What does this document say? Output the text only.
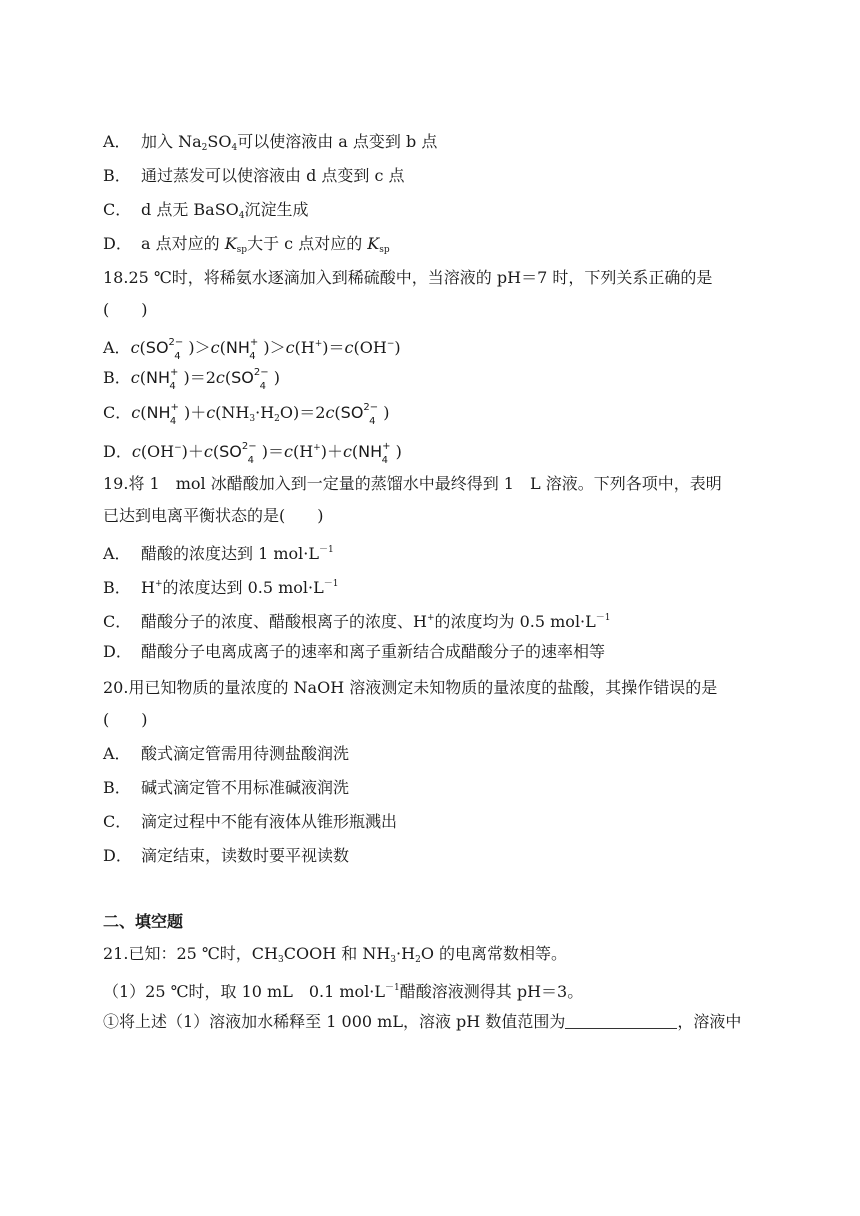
A． 加入 $Na_2SO_4$可以使溶液由 a 点变到 b 点
B． 通过蒸发可以使溶液由 d 点变到 c 点
C． d 点无 BaSO$_4$沉淀生成
D． a 点对应的 $K_{sp}$大于 c 点对应的 $K_{sp}$
18.25 ℃时，将稀氨水逐滴加入到稀硫酸中，当溶液的 pH＝7 时，下列关系正确的是
(　　)
A．$c(SO^{2-}$
4 )＞c(NH+
4 )＞c(H+)＝c(OH−)
B．c(NH+
4 )$=2c(SO^{2-}$
4 )
C．c(NH+
4 )$+c(NH_3\cdot H_2O)=2c(SO^{2-}$
4 )
D．$c(OH^-)+c(SO^{2-}$
4 )＝c(H+)＋c(NH+
4 )
19.将 1　mol 冰醋酸加入到一定量的蒸馏水中最终得到 1　L 溶液。下列各项中，表明
已达到电离平衡状态的是(　　)
A． 醋酸的浓度达到 1 $mol\cdot L^{-1}$
B． H+的浓度达到 0.5 $mol\cdot L^{-1}$
C． 醋酸分子的浓度、醋酸根离子的浓度、H+的浓度均为 0.5 $mol\cdot L^{-1}$
D． 醋酸分子电离成离子的速率和离子重新结合成醋酸分子的速率相等
20.用已知物质的量浓度的 NaOH 溶液测定未知物质的量浓度的盐酸，其操作错误的是
(　　)
A． 酸式滴定管需用待测盐酸润洗
B． 碱式滴定管不用标准碱液润洗
C． 滴定过程中不能有液体从锥形瓶溅出
D． 滴定结束，读数时要平视读数
二、填空题
21.已知：25 ℃时，$CH_3COOH$ 和 $NH_3\cdot H_2O$ 的电离常数相等。
（1）25 ℃时，取 10 mL　0.1 $mol\cdot L^{-1}$醋酸溶液测得其 pH＝3。
①将上述（1）溶液加水稀释至 1 000 mL，溶液 pH 数值范围为	，溶液中
